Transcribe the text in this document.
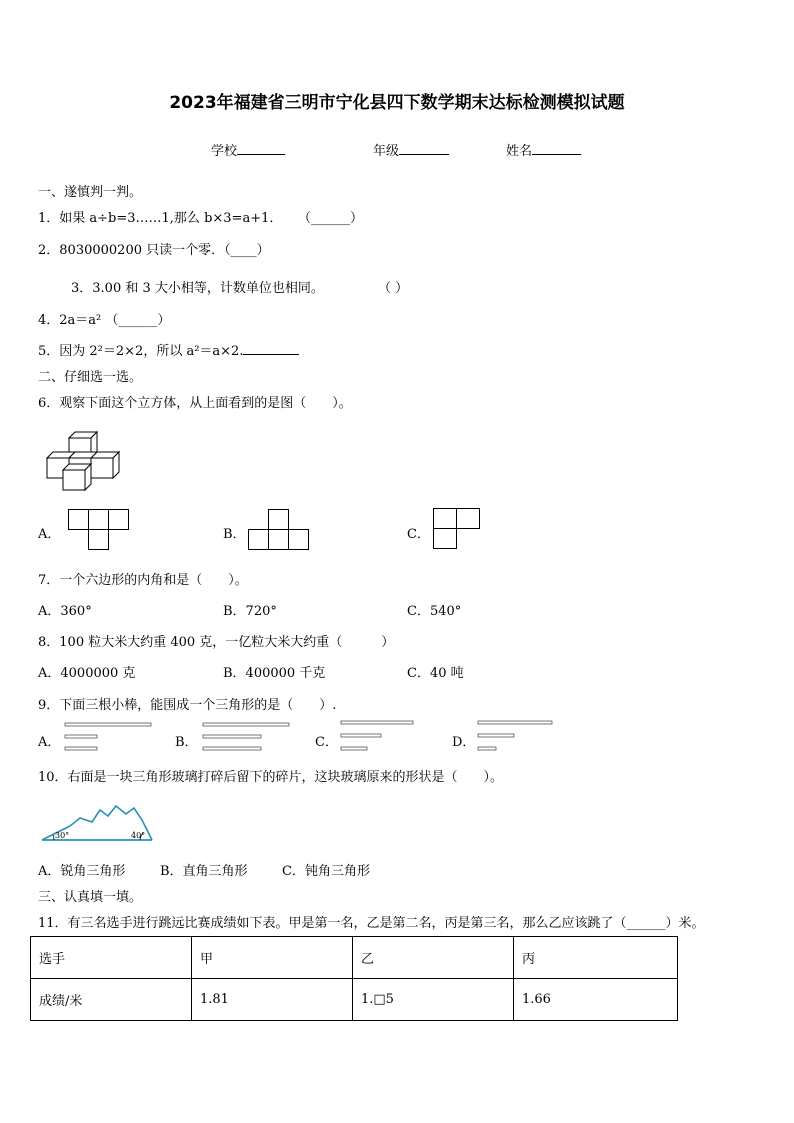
2023年福建省三明市宁化县四下数学期末达标检测模拟试题
学校	年级	姓名
一、遂慎判一判。
1．如果 a÷b=3……1,那么 b×3=a+1． （______）
2．8030000200 只读一个零．（____）
3．3.00 和 3 大小相等，计数单位也相同。	（ ）
4．2a＝a² （______）
5．因为 2²＝2×2，所以 a²＝a×2.
二、仔细选一选。
6．观察下面这个立方体，从上面看到的是图（　　）。
A．	B．	C．
7．一个六边形的内角和是（　　）。
A．360°	B．720°	C．540°
8．100 粒大米大约重 400 克，一亿粒大米大约重（　　　）
A．4000000 克	B．400000 千克	C．40 吨
9．下面三根小棒，能围成一个三角形的是（　　）.
A．	B．	C．	D．
10．右面是一块三角形玻璃打碎后留下的碎片，这块玻璃原来的形状是（　　）。
30°	40°
A．锐角三角形	B．直角三角形	C．钝角三角形
三、认真填一填。
11．有三名选手进行跳远比赛成绩如下表。甲是第一名，乙是第二名，丙是第三名，那么乙应该跳了（______）米。
选手	甲	乙	丙
成绩/米	1.81	1.□5	1.66
